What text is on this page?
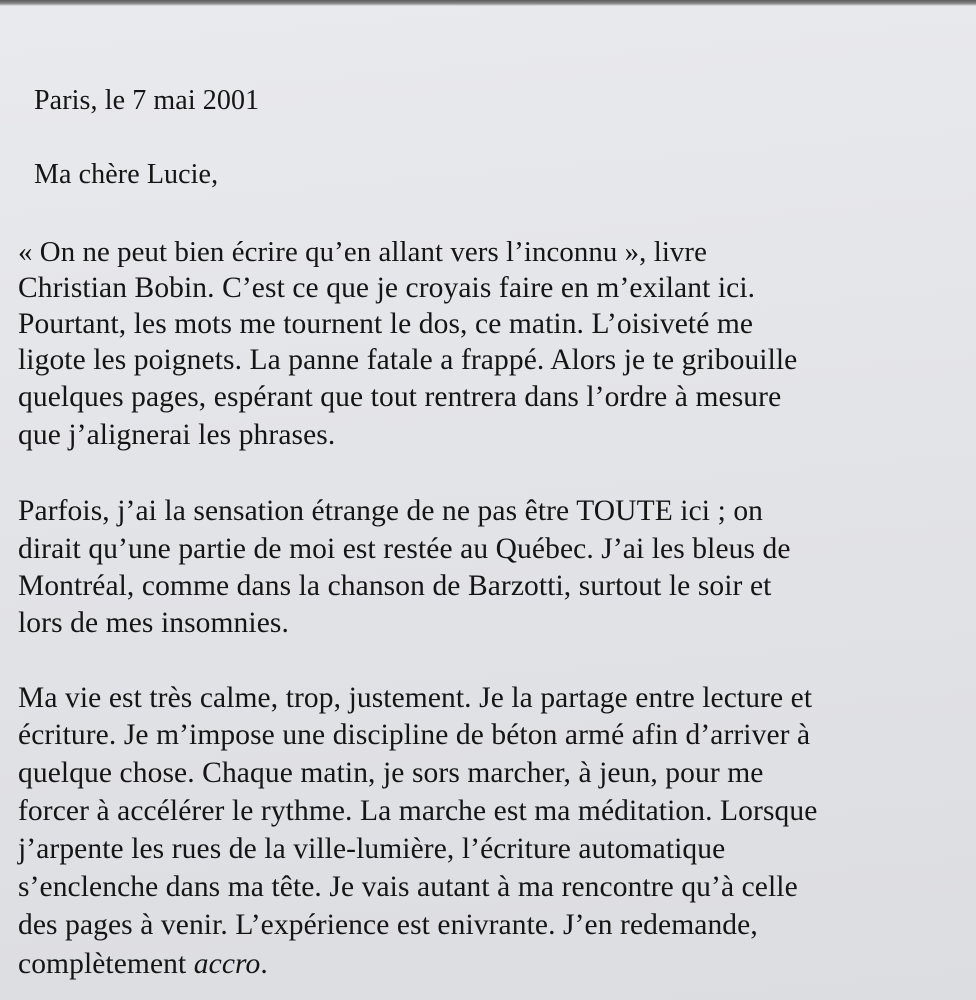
Paris, le 7 mai 2001
Ma chère Lucie,
« On ne peut bien écrire qu’en allant vers l’inconnu », livre
Christian Bobin. C’est ce que je croyais faire en m’exilant ici.
Pourtant, les mots me tournent le dos, ce matin. L’oisiveté me
ligote les poignets. La panne fatale a frappé. Alors je te gribouille
quelques pages, espérant que tout rentrera dans l’ordre à mesure
que j’alignerai les phrases.
Parfois, j’ai la sensation étrange de ne pas être TOUTE ici ; on
dirait qu’une partie de moi est restée au Québec. J’ai les bleus de
Montréal, comme dans la chanson de Barzotti, surtout le soir et
lors de mes insomnies.
Ma vie est très calme, trop, justement. Je la partage entre lecture et
écriture. Je m’impose une discipline de béton armé afin d’arriver à
quelque chose. Chaque matin, je sors marcher, à jeun, pour me
forcer à accélérer le rythme. La marche est ma méditation. Lorsque
j’arpente les rues de la ville-lumière, l’écriture automatique
s’enclenche dans ma tête. Je vais autant à ma rencontre qu’à celle
des pages à venir. L’expérience est enivrante. J’en redemande,
complètement accro.
